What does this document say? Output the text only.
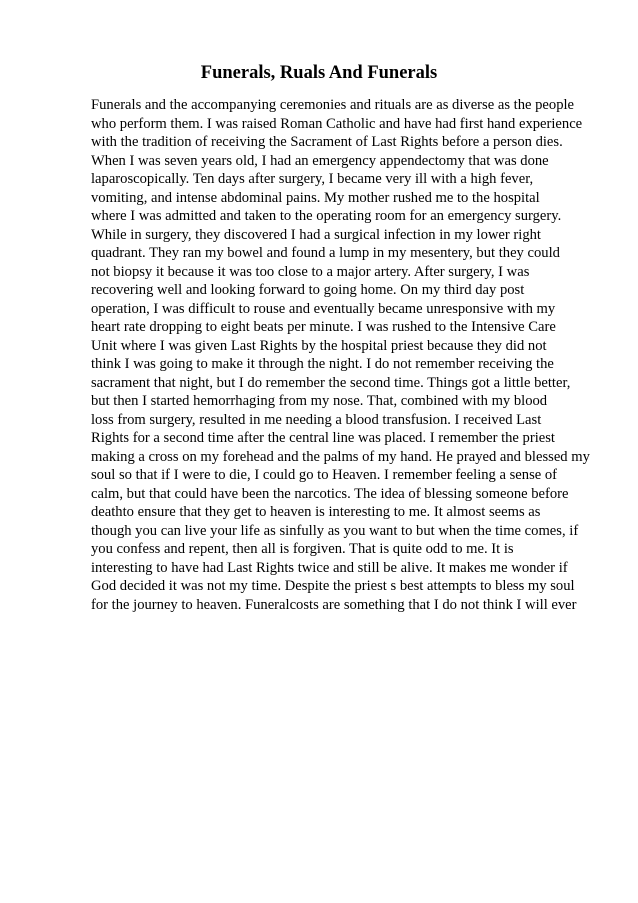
Funerals, Ruals And Funerals
Funerals and the accompanying ceremonies and rituals are as diverse as the people
who perform them. I was raised Roman Catholic and have had first hand experience
with the tradition of receiving the Sacrament of Last Rights before a person dies.
When I was seven years old, I had an emergency appendectomy that was done
laparoscopically. Ten days after surgery, I became very ill with a high fever,
vomiting, and intense abdominal pains. My mother rushed me to the hospital
where I was admitted and taken to the operating room for an emergency surgery.
While in surgery, they discovered I had a surgical infection in my lower right
quadrant. They ran my bowel and found a lump in my mesentery, but they could
not biopsy it because it was too close to a major artery. After surgery, I was
recovering well and looking forward to going home. On my third day post
operation, I was difficult to rouse and eventually became unresponsive with my
heart rate dropping to eight beats per minute. I was rushed to the Intensive Care
Unit where I was given Last Rights by the hospital priest because they did not
think I was going to make it through the night. I do not remember receiving the
sacrament that night, but I do remember the second time. Things got a little better,
but then I started hemorrhaging from my nose. That, combined with my blood
loss from surgery, resulted in me needing a blood transfusion. I received Last
Rights for a second time after the central line was placed. I remember the priest
making a cross on my forehead and the palms of my hand. He prayed and blessed my
soul so that if I were to die, I could go to Heaven. I remember feeling a sense of
calm, but that could have been the narcotics. The idea of blessing someone before
deathto ensure that they get to heaven is interesting to me. It almost seems as
though you can live your life as sinfully as you want to but when the time comes, if
you confess and repent, then all is forgiven. That is quite odd to me. It is
interesting to have had Last Rights twice and still be alive. It makes me wonder if
God decided it was not my time. Despite the priest s best attempts to bless my soul
for the journey to heaven. Funeralcosts are something that I do not think I will ever
